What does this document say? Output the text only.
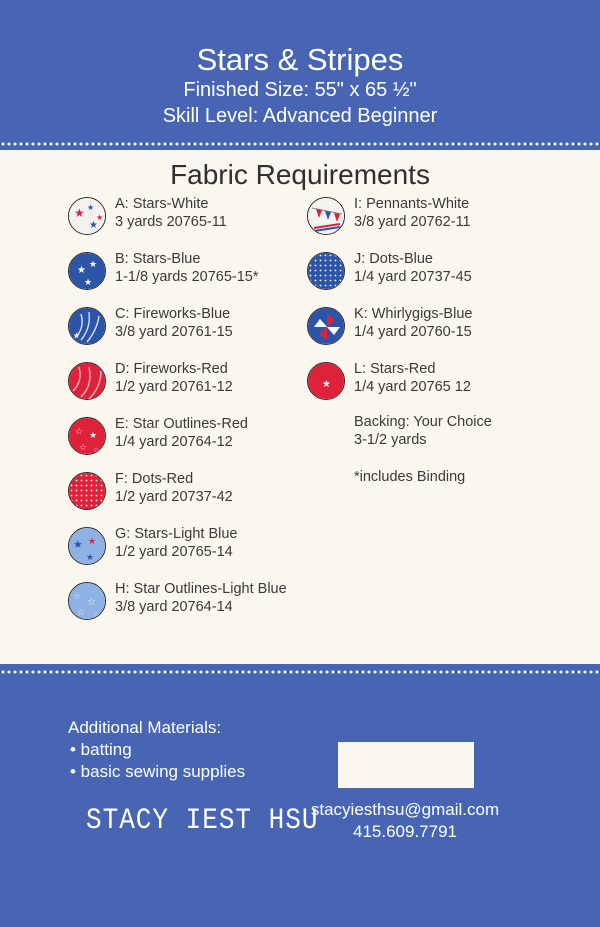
Stars & Stripes
Finished Size: 55" x 65 ½"
Skill Level: Advanced Beginner
Fabric Requirements
★ ★
★
★
A: Stars-White
3 yards 20765-11
★
★
★
B: Stars-Blue
1-1/8 yards 20765-15*
★
C: Fireworks-Blue
3/8 yard 20761-15
D: Fireworks-Red
1/2 yard 20761-12
☆ ★
☆ ☆
E: Star Outlines-Red
1/4 yard 20764-12
F: Dots-Red
1/2 yard 20737-42
★ ★
★
G: Stars-Light Blue
1/2 yard 20765-14
☆
☆
☆ ☆
H: Star Outlines-Light Blue
3/8 yard 20764-14
I: Pennants-White
3/8 yard 20762-11
J: Dots-Blue
1/4 yard 20737-45
K: Whirlygigs-Blue
1/4 yard 20760-15
★
L: Stars-Red
1/4 yard 20765 12
Backing: Your Choice
3-1/2 yards
*includes Binding
Additional Materials:
• batting
• basic sewing supplies
STACY IEST HSU
stacyiesthsu@gmail.com
415.609.7791
